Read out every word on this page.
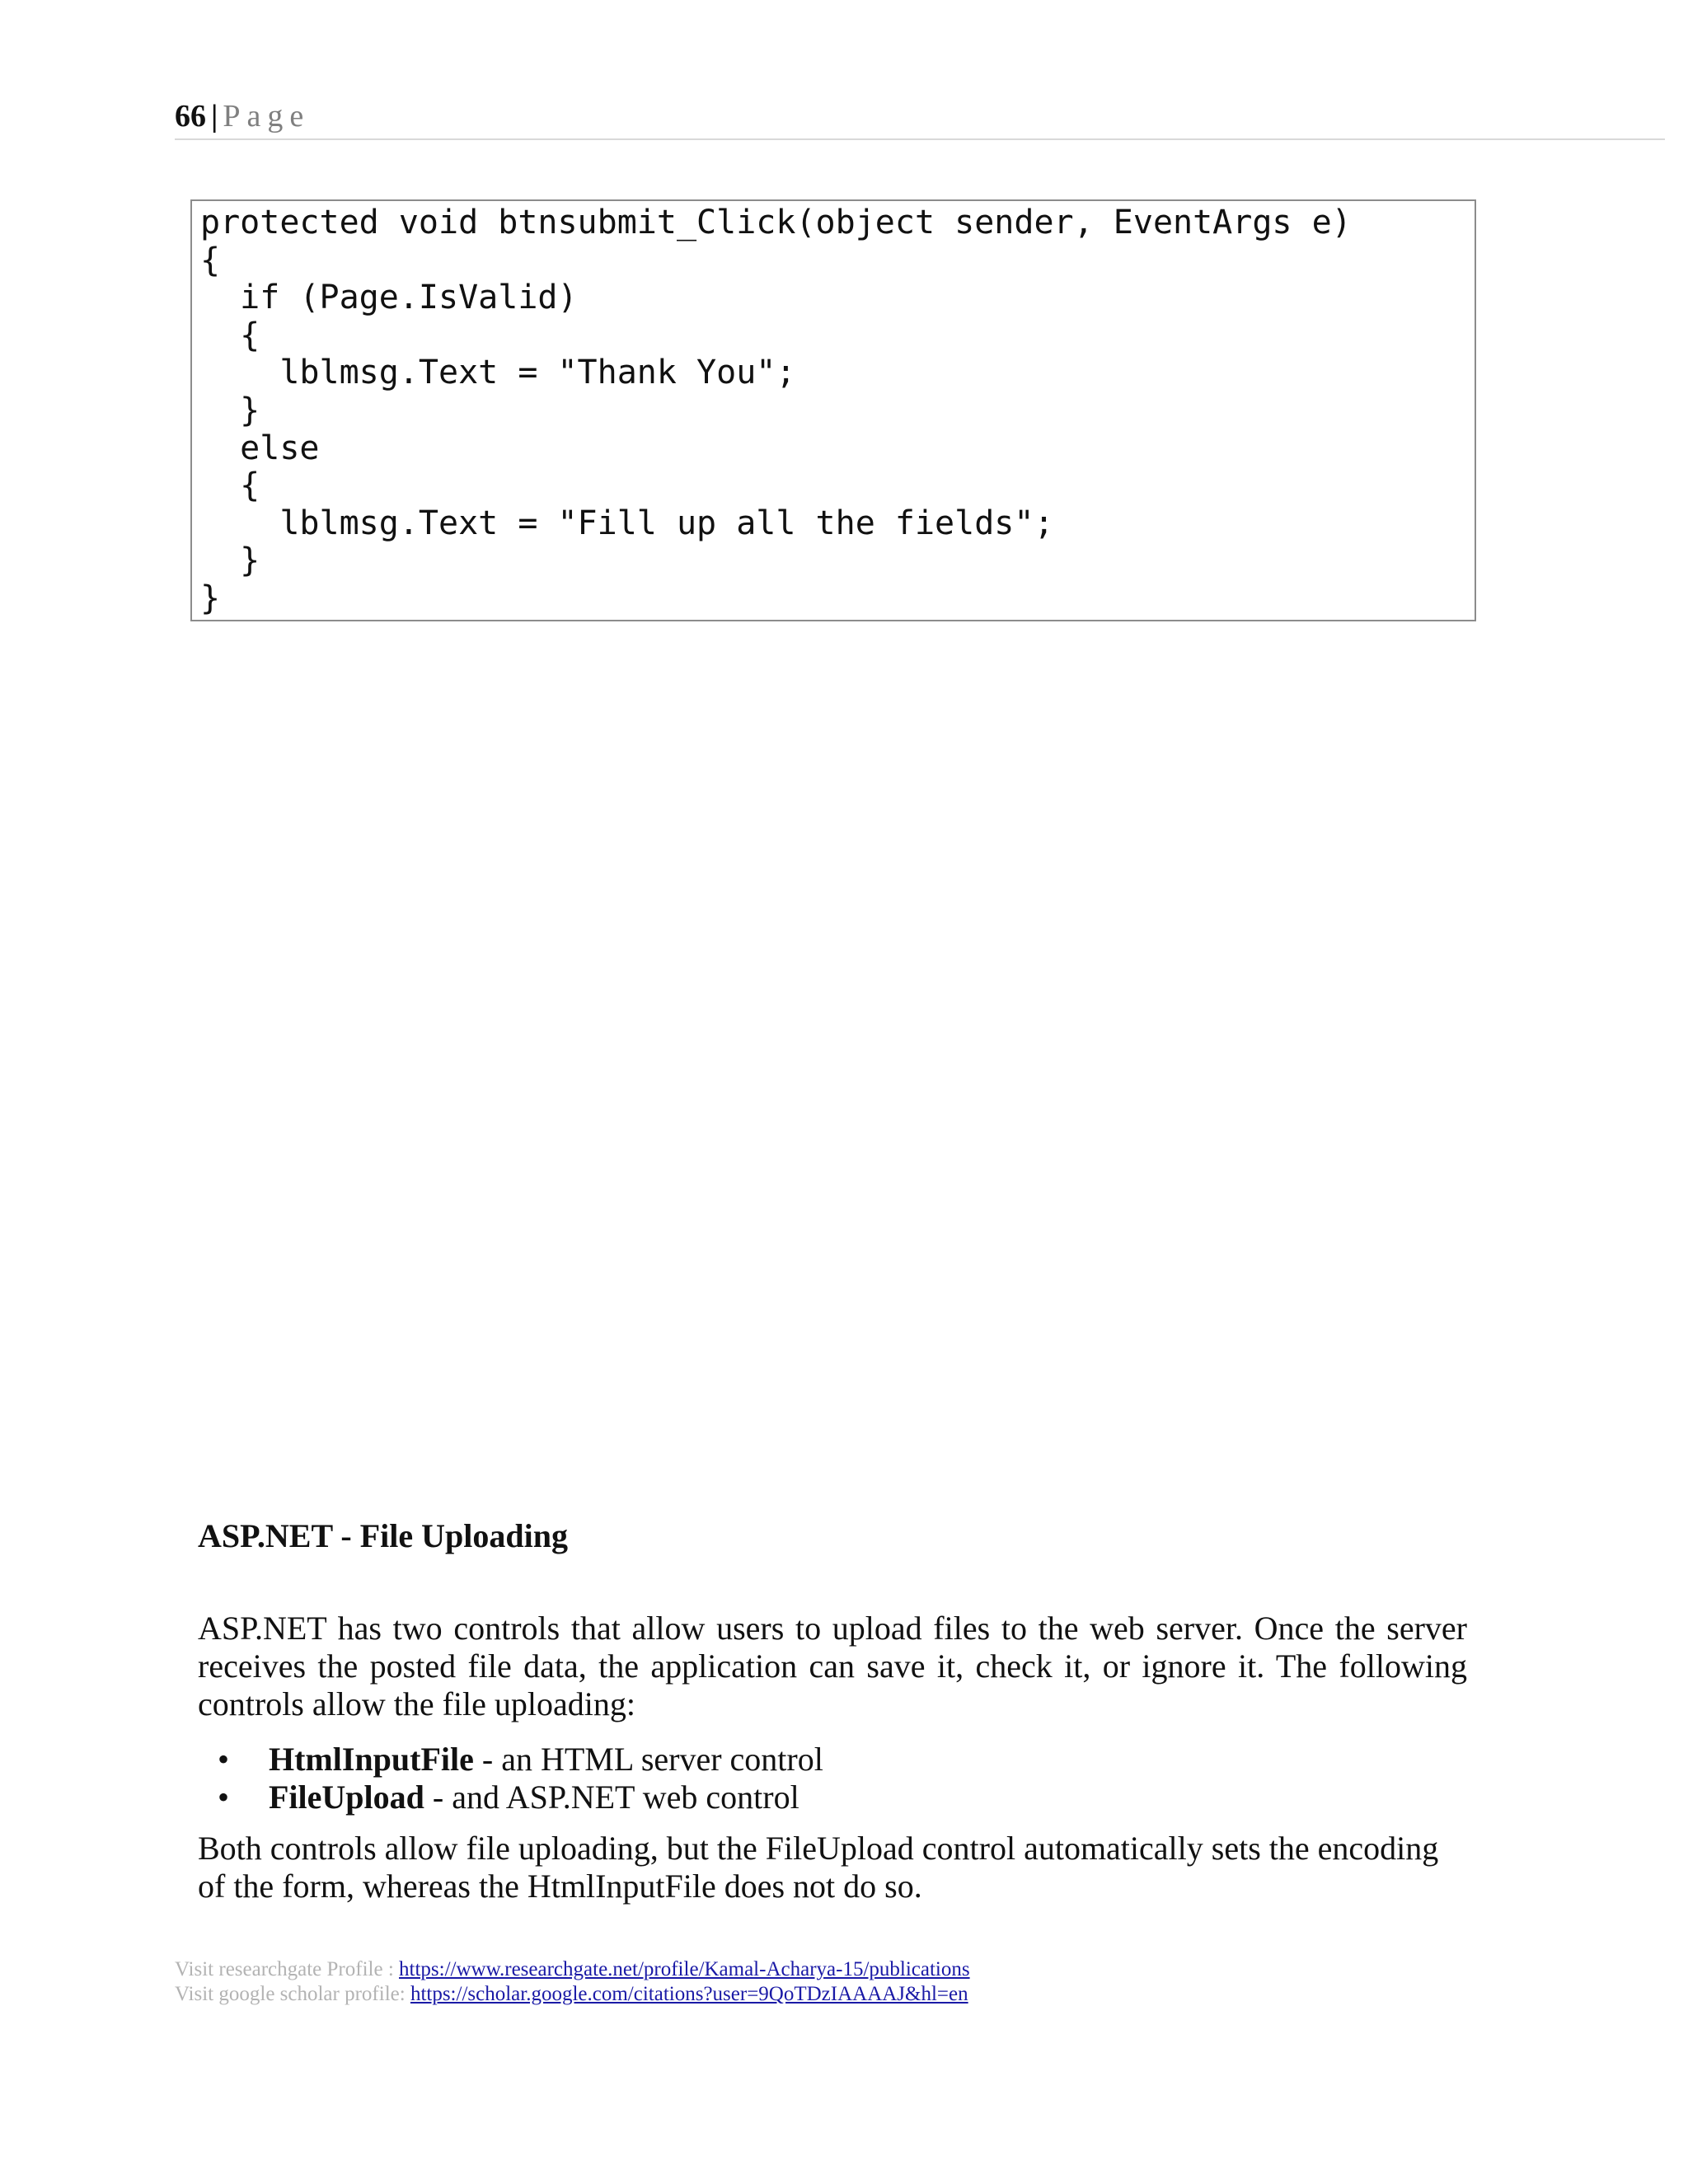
66 | Page
protected void btnsubmit_Click(object sender, EventArgs e)
{
if (Page.IsValid)
{
lblmsg.Text = "Thank You";
}
else
{
lblmsg.Text = "Fill up all the fields";
}
}
ASP.NET - File Uploading

ASP.NET has two controls that allow users to upload files to the web server. Once the server receives the posted file data, the application can save it, check it, or ignore it. The following controls allow the file uploading:

• HtmlInputFile - an HTML server control
• FileUpload - and ASP.NET web control

Both controls allow file uploading, but the FileUpload control automatically sets the encoding of the form, whereas the HtmlInputFile does not do so.

Visit researchgate Profile : https://www.researchgate.net/profile/Kamal-Acharya-15/publications
Visit google scholar profile: https://scholar.google.com/citations?user=9QoTDzIAAAAJ&hl=en
